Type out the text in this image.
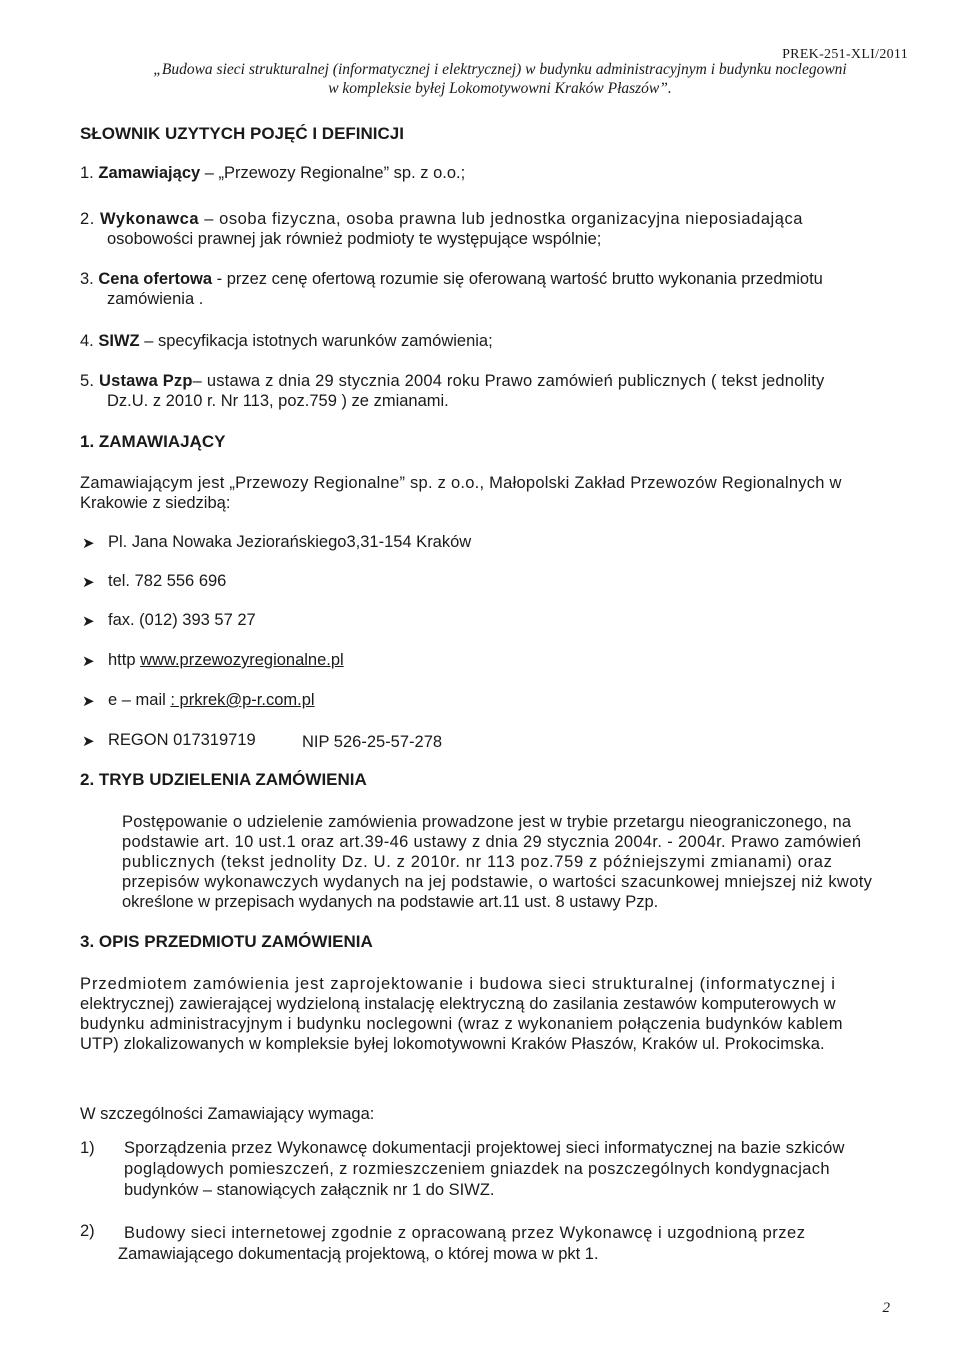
PREK-251-XLI/2011
„Budowa sieci strukturalnej (informatycznej i elektrycznej) w budynku administracyjnym i budynku noclegowni
w kompleksie byłej Lokomotywowni Kraków Płaszów”.
SŁOWNIK UZYTYCH POJĘĆ I DEFINICJI
1. Zamawiający – „Przewozy Regionalne” sp. z o.o.;
2. Wykonawca – osoba fizyczna, osoba prawna lub jednostka organizacyjna nieposiadająca
osobowości prawnej jak również podmioty te występujące wspólnie;
3. Cena ofertowa - przez cenę ofertową rozumie się oferowaną wartość brutto wykonania przedmiotu
zamówienia .
4. SIWZ – specyfikacja istotnych warunków zamówienia;
5. Ustawa Pzp– ustawa z dnia 29 stycznia 2004 roku Prawo zamówień publicznych ( tekst jednolity
Dz.U. z 2010 r. Nr 113, poz.759 ) ze zmianami.
1. ZAMAWIAJĄCY
Zamawiającym jest „Przewozy Regionalne” sp. z o.o., Małopolski Zakład Przewozów Regionalnych w
Krakowie z siedzibą:
➤ Pl. Jana Nowaka Jeziorańskiego3,31-154 Kraków
➤ tel. 782 556 696
➤ fax. (012) 393 57 27
➤ http www.przewozyregionalne.pl
➤ e – mail : prkrek@p-r.com.pl
➤ REGON 017319719	NIP 526-25-57-278
2. TRYB UDZIELENIA ZAMÓWIENIA
Postępowanie o udzielenie zamówienia prowadzone jest w trybie przetargu nieograniczonego, na
podstawie art. 10 ust.1 oraz art.39-46 ustawy z dnia 29 stycznia 2004r. - 2004r. Prawo zamówień
publicznych (tekst jednolity Dz. U. z 2010r. nr 113 poz.759 z późniejszymi zmianami) oraz
przepisów wykonawczych wydanych na jej podstawie, o wartości szacunkowej mniejszej niż kwoty
określone w przepisach wydanych na podstawie art.11 ust. 8 ustawy Pzp.
3. OPIS PRZEDMIOTU ZAMÓWIENIA
Przedmiotem zamówienia jest zaprojektowanie i budowa sieci strukturalnej (informatycznej i
elektrycznej) zawierającej wydzieloną instalację elektryczną do zasilania zestawów komputerowych w
budynku administracyjnym i budynku noclegowni (wraz z wykonaniem połączenia budynków kablem
UTP) zlokalizowanych w kompleksie byłej lokomotywowni Kraków Płaszów, Kraków ul. Prokocimska.
W szczególności Zamawiający wymaga:
1) Sporządzenia przez Wykonawcę dokumentacji projektowej sieci informatycznej na bazie szkiców
poglądowych pomieszczeń, z rozmieszczeniem gniazdek na poszczególnych kondygnacjach
budynków – stanowiących załącznik nr 1 do SIWZ.
2) Budowy sieci internetowej zgodnie z opracowaną przez Wykonawcę i uzgodnioną przez
Zamawiającego dokumentacją projektową, o której mowa w pkt 1.
2
